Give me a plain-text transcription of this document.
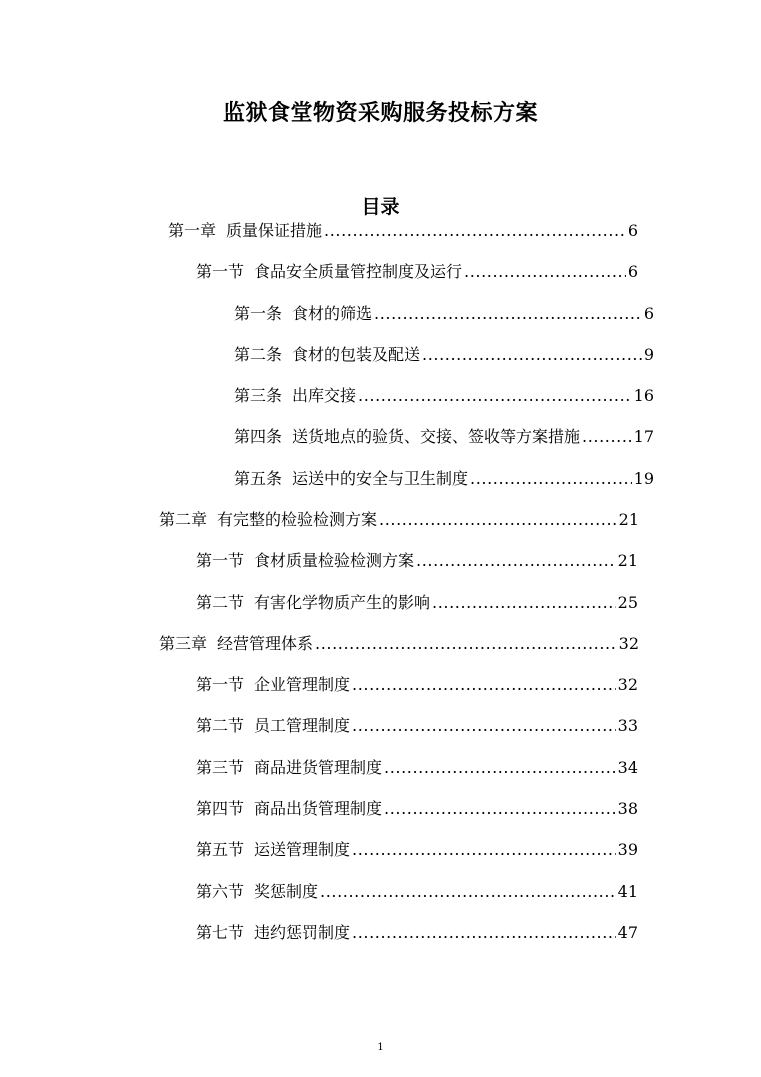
监狱食堂物资采购服务投标方案
目录
第一章 质量保证措施 .....	6
第一节 食品安全质量管控制度及运行 .....	6
第一条 食材的筛选 .....	6
第二条 食材的包装及配送 .....	9
第三条 出库交接 .....	16
第四条 送货地点的验货、交接、签收等方案措施 .....	17
第五条 运送中的安全与卫生制度 .....	19
第二章 有完整的检验检测方案 .....	21
第一节 食材质量检验检测方案 .....	21
第二节 有害化学物质产生的影响 .....	25
第三章 经营管理体系 .....	32
第一节 企业管理制度 .....	32
第二节 员工管理制度 .....	33
第三节 商品进货管理制度 .....	34
第四节 商品出货管理制度 .....	38
第五节 运送管理制度 .....	39
第六节 奖惩制度 .....	41
第七节 违约惩罚制度 .....	47
1
